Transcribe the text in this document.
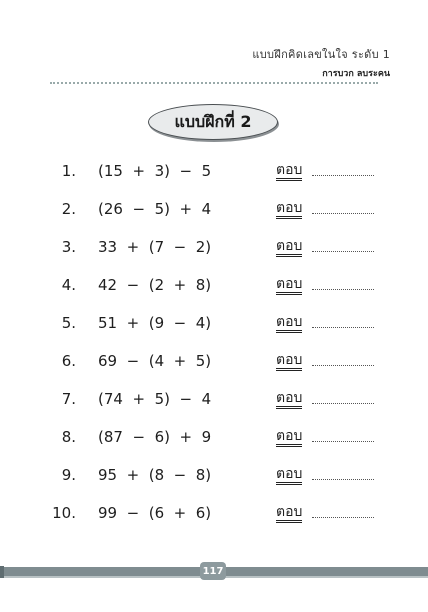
แบบฝึกคิดเลขในใจ ระดับ 1
การบวก ลบระคน
แบบฝึกที่ 2
1. (15  +  3)  −  5	ตอบ
2. (26  −  5)  +  4	ตอบ
3. 33  +  (7  −  2)	ตอบ
4. 42  −  (2  +  8)	ตอบ
5. 51  +  (9  −  4)	ตอบ
6. 69  −  (4  +  5)	ตอบ
7. (74  +  5)  −  4	ตอบ
8. (87  −  6)  +  9	ตอบ
9. 95  +  (8  −  8)	ตอบ
10. 99  −  (6  +  6)	ตอบ
117
